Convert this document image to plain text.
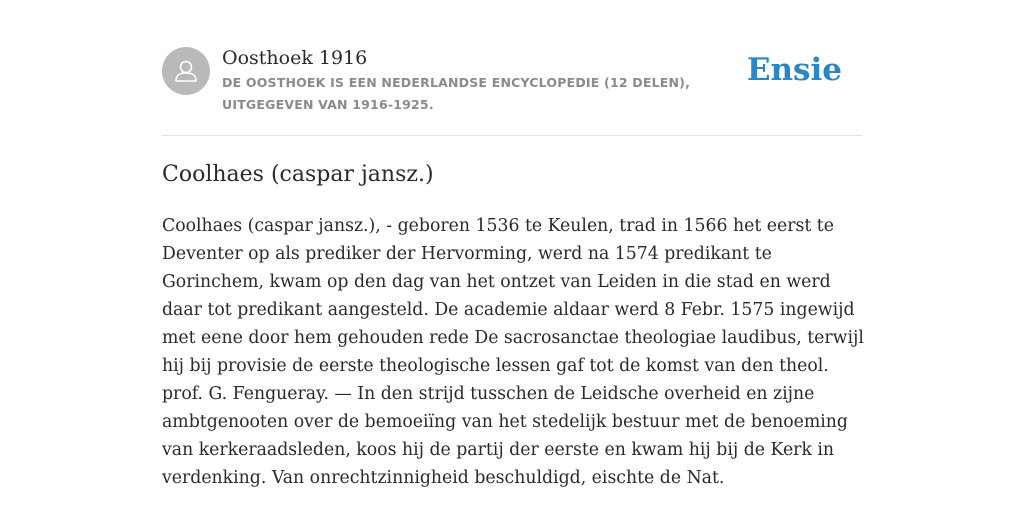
Oosthoek 1916
DE OOSTHOEK IS EEN NEDERLANDSE ENCYCLOPEDIE (12 DELEN), UITGEGEVEN VAN 1916-1925.
Ensie
Coolhaes (caspar jansz.)

Coolhaes (caspar jansz.), - geboren 1536 te Keulen, trad in 1566 het eerst te Deventer op als prediker der Hervorming, werd na 1574 predikant te Gorinchem, kwam op den dag van het ontzet van Leiden in die stad en werd daar tot predikant aangesteld. De academie aldaar werd 8 Febr. 1575 ingewijd met eene door hem gehouden rede De sacrosanctae theologiae laudibus, terwijl hij bij provisie de eerste theologische lessen gaf tot de komst van den theol. prof. G. Fengueray. — In den strijd tusschen de Leidsche overheid en zijne ambtgenooten over de bemoeiïng van het stedelijk bestuur met de benoeming van kerkeraadsleden, koos hij de partij der eerste en kwam hij bij de Kerk in verdenking. Van onrechtzinnigheid beschuldigd, eischte de Nat.
